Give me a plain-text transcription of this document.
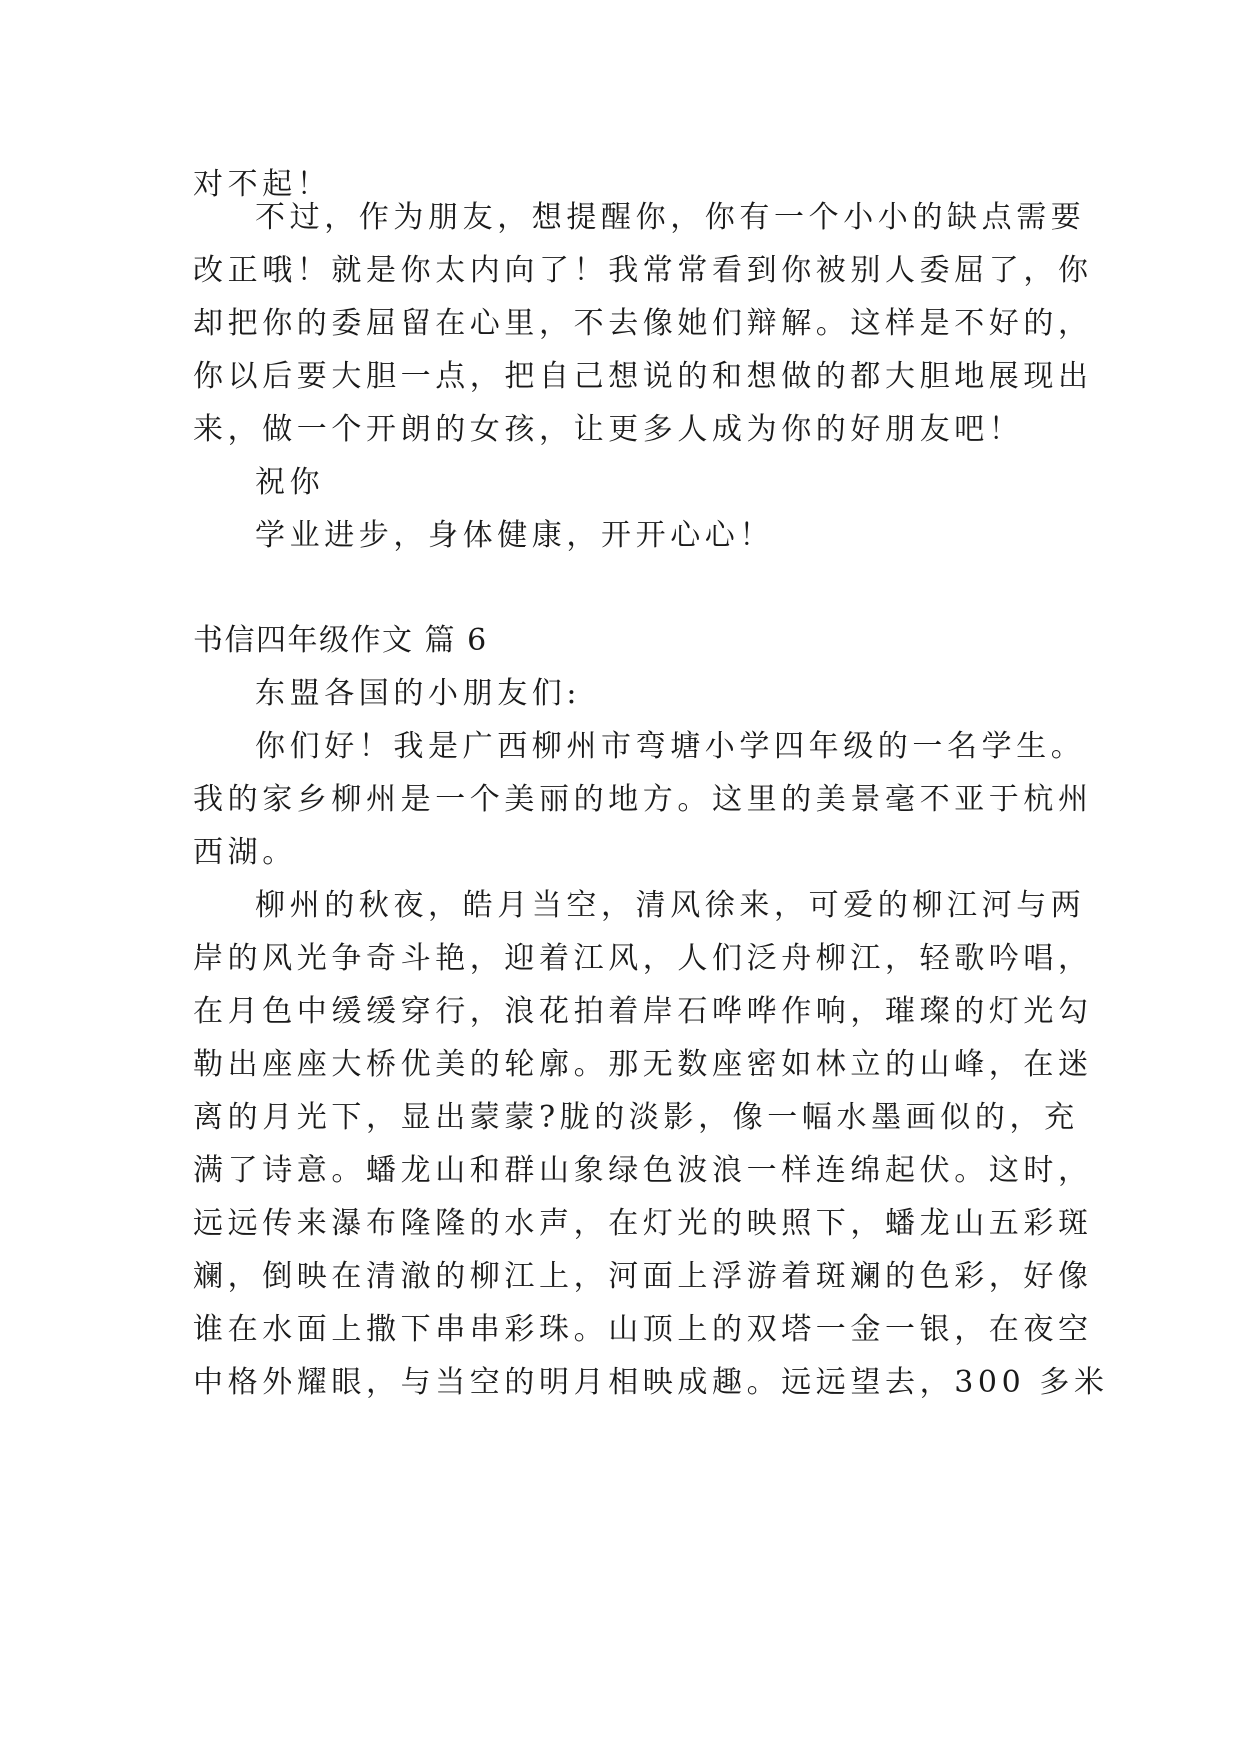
对不起！
不过，作为朋友，想提醒你，你有一个小小的缺点需要
改正哦！就是你太内向了！我常常看到你被别人委屈了，你
却把你的委屈留在心里，不去像她们辩解。这样是不好的，
你以后要大胆一点，把自己想说的和想做的都大胆地展现出
来，做一个开朗的女孩，让更多人成为你的好朋友吧！
祝你
学业进步，身体健康，开开心心！
书信四年级作文 篇 6
东盟各国的小朋友们:
你们好！我是广西柳州市弯塘小学四年级的一名学生。
我的家乡柳州是一个美丽的地方。这里的美景毫不亚于杭州
西湖。
柳州的秋夜，皓月当空，清风徐来，可爱的柳江河与两
岸的风光争奇斗艳，迎着江风，人们泛舟柳江，轻歌吟唱，
在月色中缓缓穿行，浪花拍着岸石哗哗作响，璀璨的灯光勾
勒出座座大桥优美的轮廓。那无数座密如林立的山峰，在迷
离的月光下，显出蒙蒙?胧的淡影，像一幅水墨画似的，充
满了诗意。蟠龙山和群山象绿色波浪一样连绵起伏。这时，
远远传来瀑布隆隆的水声，在灯光的映照下，蟠龙山五彩斑
斓，倒映在清澈的柳江上，河面上浮游着斑斓的色彩，好像
谁在水面上撒下串串彩珠。山顶上的双塔一金一银，在夜空
中格外耀眼，与当空的明月相映成趣。远远望去，300 多米
